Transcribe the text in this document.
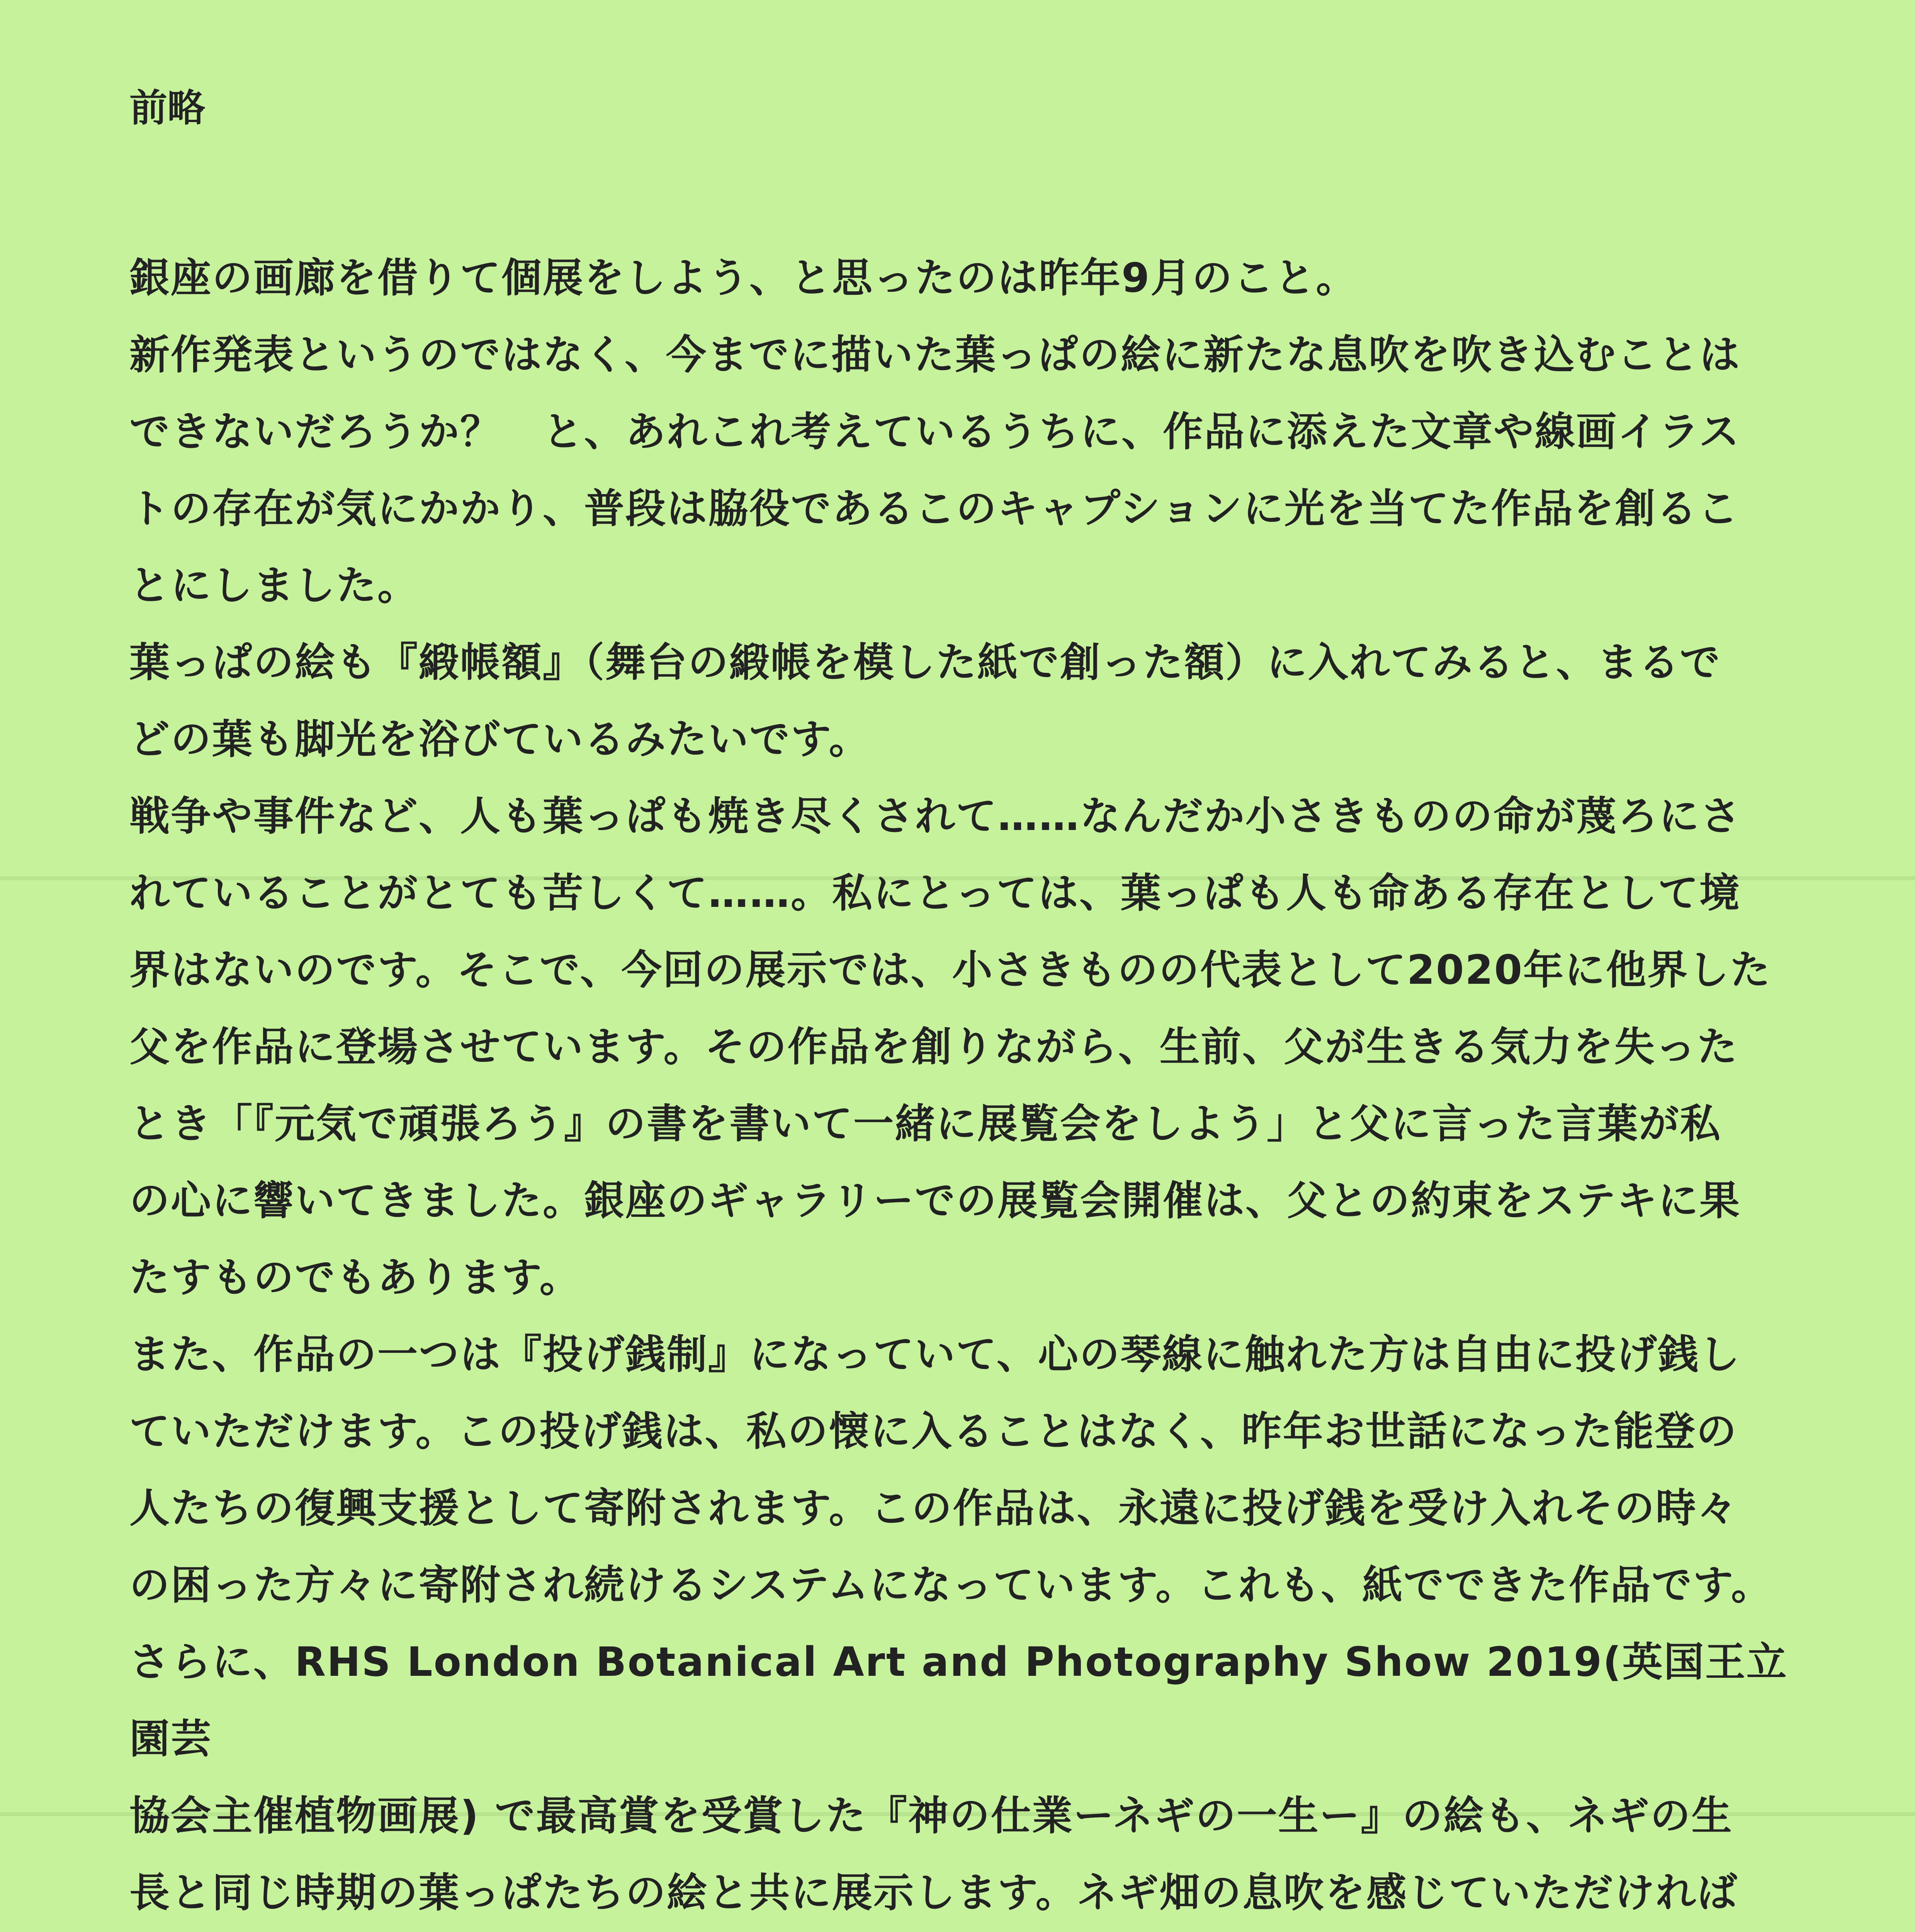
前略

銀座の画廊を借りて個展をしよう、と思ったのは昨年9月のこと。
新作発表というのではなく、今までに描いた葉っぱの絵に新たな息吹を吹き込むことは
できないだろうか？　と、あれこれ考えているうちに、作品に添えた文章や線画イラス
トの存在が気にかかり、普段は脇役であるこのキャプションに光を当てた作品を創るこ
とにしました。
葉っぱの絵も『緞帳額』（舞台の緞帳を模した紙で創った額）に入れてみると、まるで
どの葉も脚光を浴びているみたいです。
戦争や事件など、人も葉っぱも焼き尽くされて……なんだか小さきものの命が蔑ろにさ
れていることがとても苦しくて……。私にとっては、葉っぱも人も命ある存在として境
界はないのです。そこで、今回の展示では、小さきものの代表として2020年に他界した
父を作品に登場させています。その作品を創りながら、生前、父が生きる気力を失った
とき「『元気で頑張ろう』の書を書いて一緒に展覧会をしよう」と父に言った言葉が私
の心に響いてきました。銀座のギャラリーでの展覧会開催は、父との約束をステキに果
たすものでもあります。
また、作品の一つは『投げ銭制』になっていて、心の琴線に触れた方は自由に投げ銭し
ていただけます。この投げ銭は、私の懐に入ることはなく、昨年お世話になった能登の
人たちの復興支援として寄附されます。この作品は、永遠に投げ銭を受け入れその時々
の困った方々に寄附され続けるシステムになっています。これも、紙でできた作品です。
さらに、RHS London Botanical Art and Photography Show 2019(英国王立園芸
協会主催植物画展) で最高賞を受賞した『神の仕業ーネギの一生ー』の絵も、ネギの生
長と同じ時期の葉っぱたちの絵と共に展示します。ネギ畑の息吹を感じていただければ
